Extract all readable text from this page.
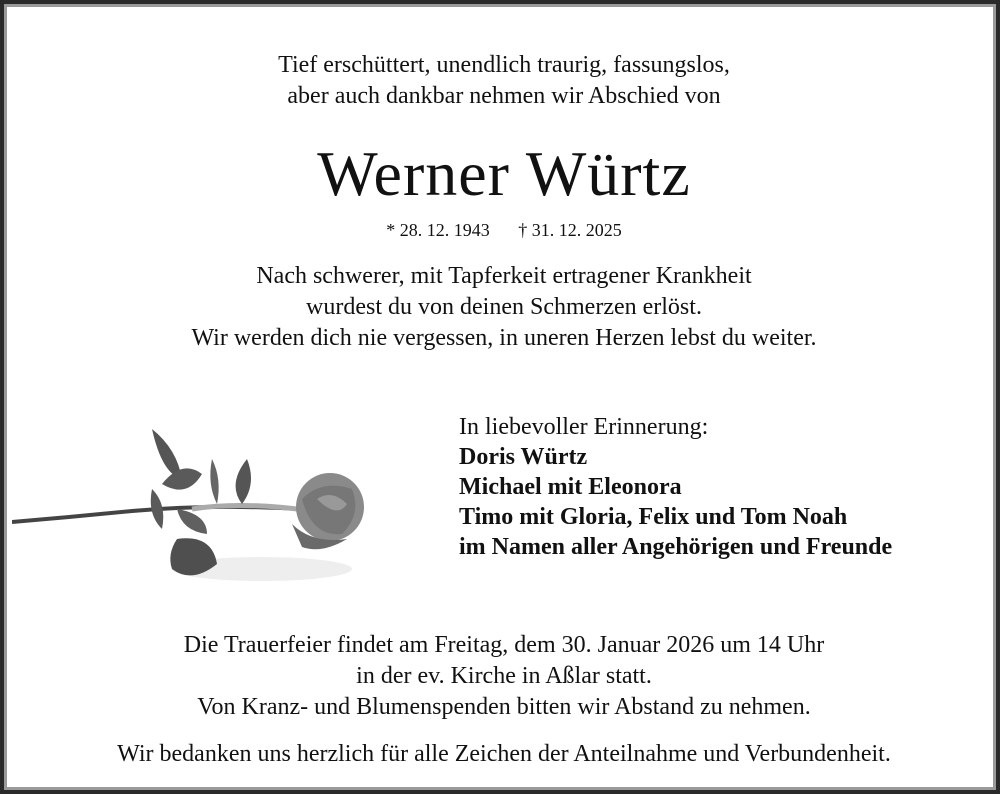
Tief erschüttert, unendlich traurig, fassungslos,
aber auch dankbar nehmen wir Abschied von
Werner Würtz
* 28. 12. 1943 † 31. 12. 2025
Nach schwerer, mit Tapferkeit ertragener Krankheit
wurdest du von deinen Schmerzen erlöst.
Wir werden dich nie vergessen, in uneren Herzen lebst du weiter.
In liebevoller Erinnerung:
Doris Würtz
Michael mit Eleonora
Timo mit Gloria, Felix und Tom Noah
im Namen aller Angehörigen und Freunde
Die Trauerfeier findet am Freitag, dem 30. Januar 2026 um 14 Uhr
in der ev. Kirche in Aßlar statt.
Von Kranz- und Blumenspenden bitten wir Abstand zu nehmen.
Wir bedanken uns herzlich für alle Zeichen der Anteilnahme und Verbundenheit.
